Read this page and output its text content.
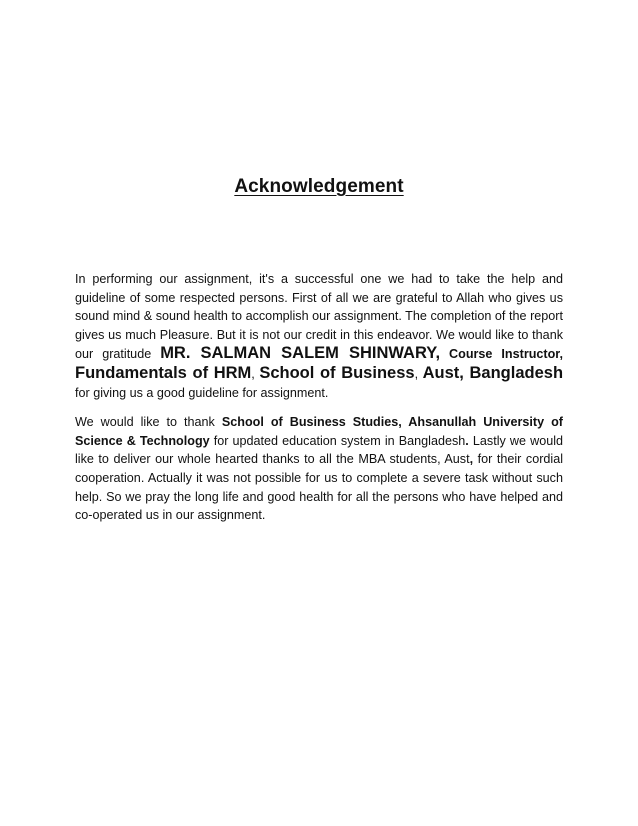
Acknowledgement

In performing our assignment, it's a successful one we had to take the help and guideline of some respected persons. First of all we are grateful to Allah who gives us sound mind & sound health to accomplish our assignment. The completion of the report gives us much Pleasure. But it is not our credit in this endeavor. We would like to thank our gratitude MR. SALMAN SALEM SHINWARY, Course Instructor, Fundamentals of HRM, School of Business, Aust, Bangladesh for giving us a good guideline for assignment.

We would like to thank School of Business Studies, Ahsanullah University of Science & Technology for updated education system in Bangladesh. Lastly we would like to deliver our whole hearted thanks to all the MBA students, Aust, for their cordial cooperation. Actually it was not possible for us to complete a severe task without such help. So we pray the long life and good health for all the persons who have helped and co-operated us in our assignment.
